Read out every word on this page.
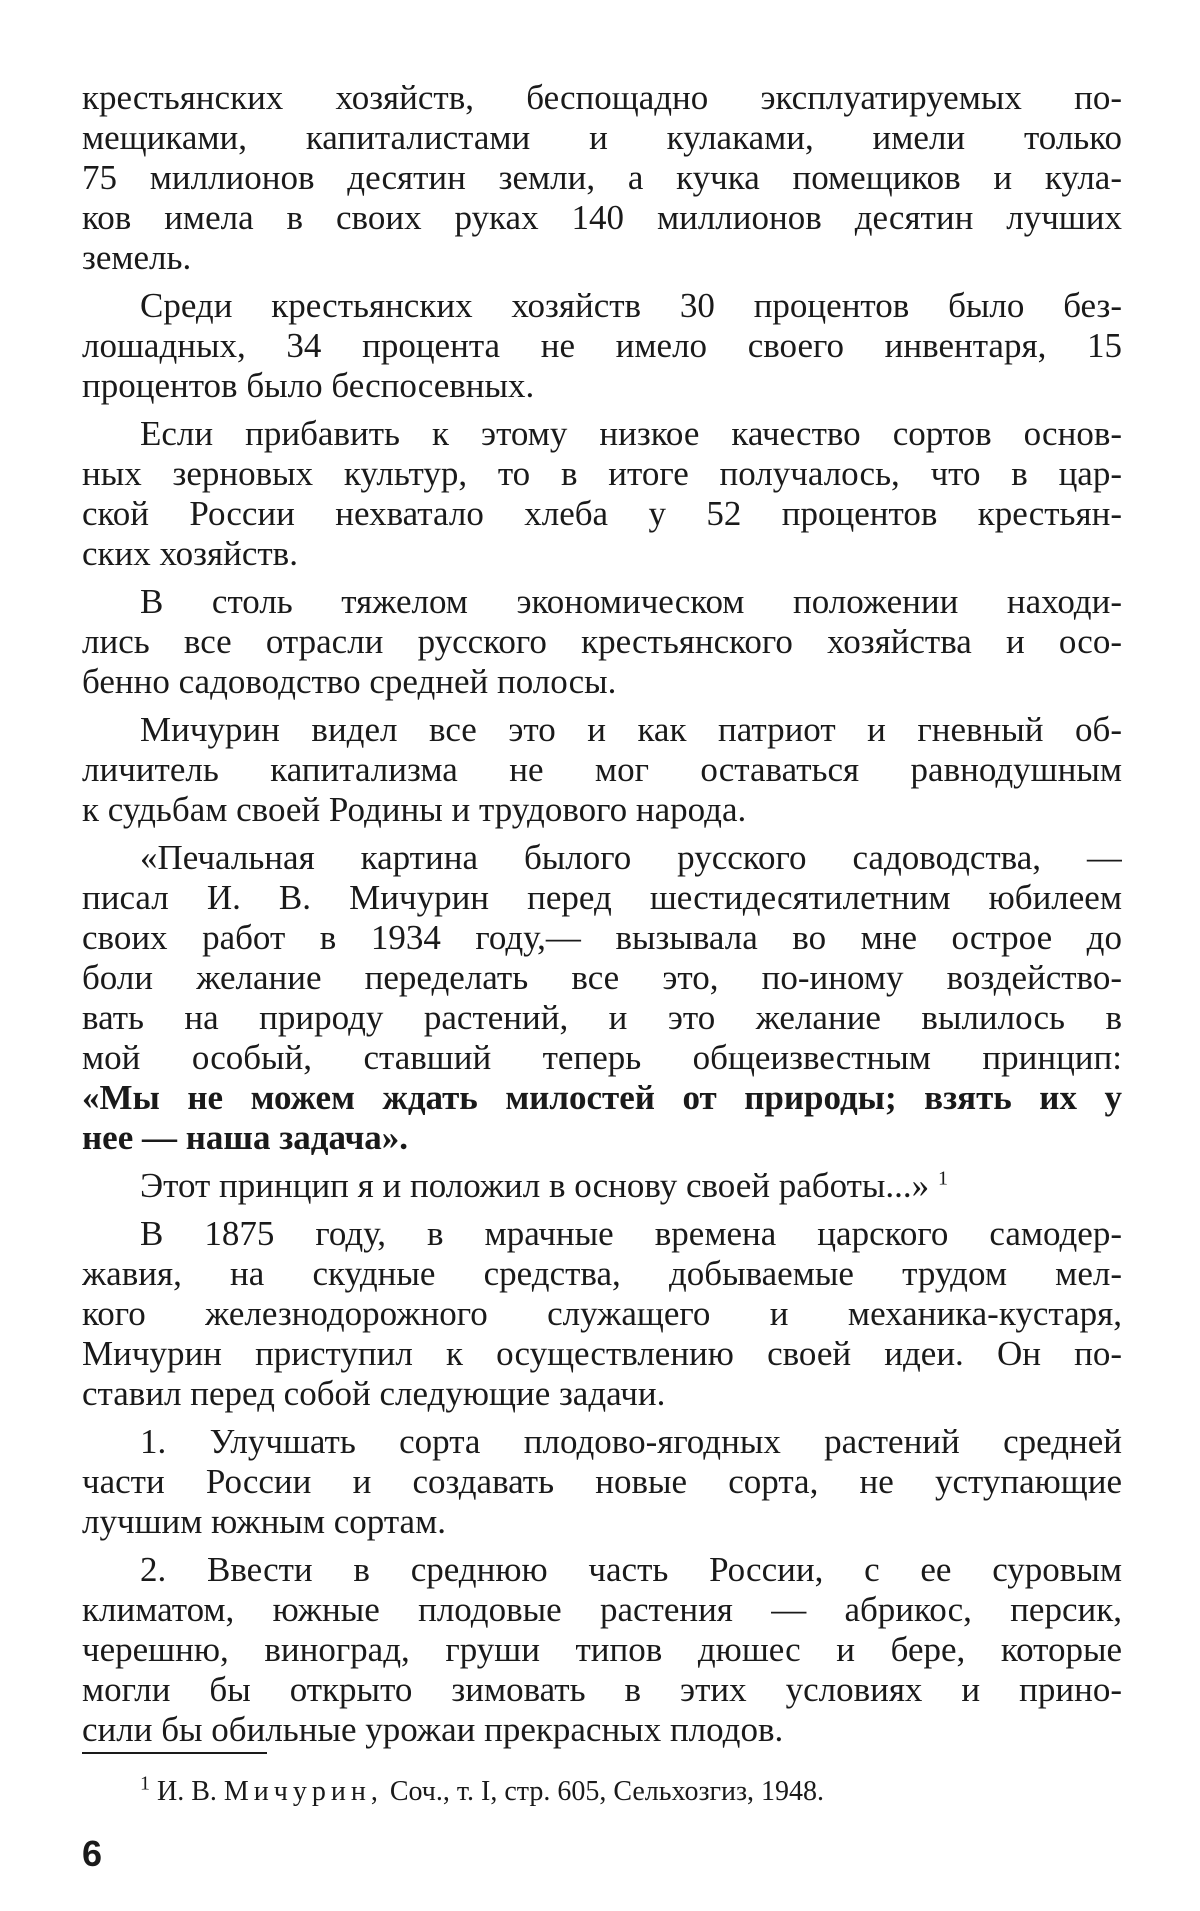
крестьянских хозяйств, беспощадно эксплуатируемых по-
мещиками, капиталистами и кулаками, имели только
75 миллионов десятин земли, а кучка помещиков и кула-
ков имела в своих руках 140 миллионов десятин лучших
земель.

Среди крестьянских хозяйств 30 процентов было без-
лошадных, 34 процента не имело своего инвентаря, 15
процентов было беспосевных.

Если прибавить к этому низкое качество сортов основ-
ных зерновых культур, то в итоге получалось, что в цар-
ской России нехватало хлеба у 52 процентов крестьян-
ских хозяйств.

В столь тяжелом экономическом положении находи-
лись все отрасли русского крестьянского хозяйства и осо-
бенно садоводство средней полосы.

Мичурин видел все это и как патриот и гневный об-
личитель капитализма не мог оставаться равнодушным
к судьбам своей Родины и трудового народа.

«Печальная картина былого русского садоводства, —
писал И. В. Мичурин перед шестидесятилетним юбилеем
своих работ в 1934 году,— вызывала во мне острое до
боли желание переделать все это, по-иному воздейство-
вать на природу растений, и это желание вылилось в
мой особый, ставший теперь общеизвестным принцип:
«Мы не можем ждать милостей от природы; взять их у
нее — наша задача».

Этот принцип я и положил в основу своей работы...» $^1$

В 1875 году, в мрачные времена царского самодер-
жавия, на скудные средства, добываемые трудом мел-
кого железнодорожного служащего и механика-кустаря,
Мичурин приступил к осуществлению своей идеи. Он по-
ставил перед собой следующие задачи.

1. Улучшать сорта плодово-ягодных растений средней
части России и создавать новые сорта, не уступающие
лучшим южным сортам.

2. Ввести в среднюю часть России, с ее суровым
климатом, южные плодовые растения — абрикос, персик,
черешню, виноград, груши типов дюшес и бере, которые
могли бы открыто зимовать в этих условиях и прино-
сили бы обильные урожаи прекрасных плодов.

$^1$ И. В. Мичурин, Соч., т. I, стр. 605, Сельхозгиз, 1948.
6
